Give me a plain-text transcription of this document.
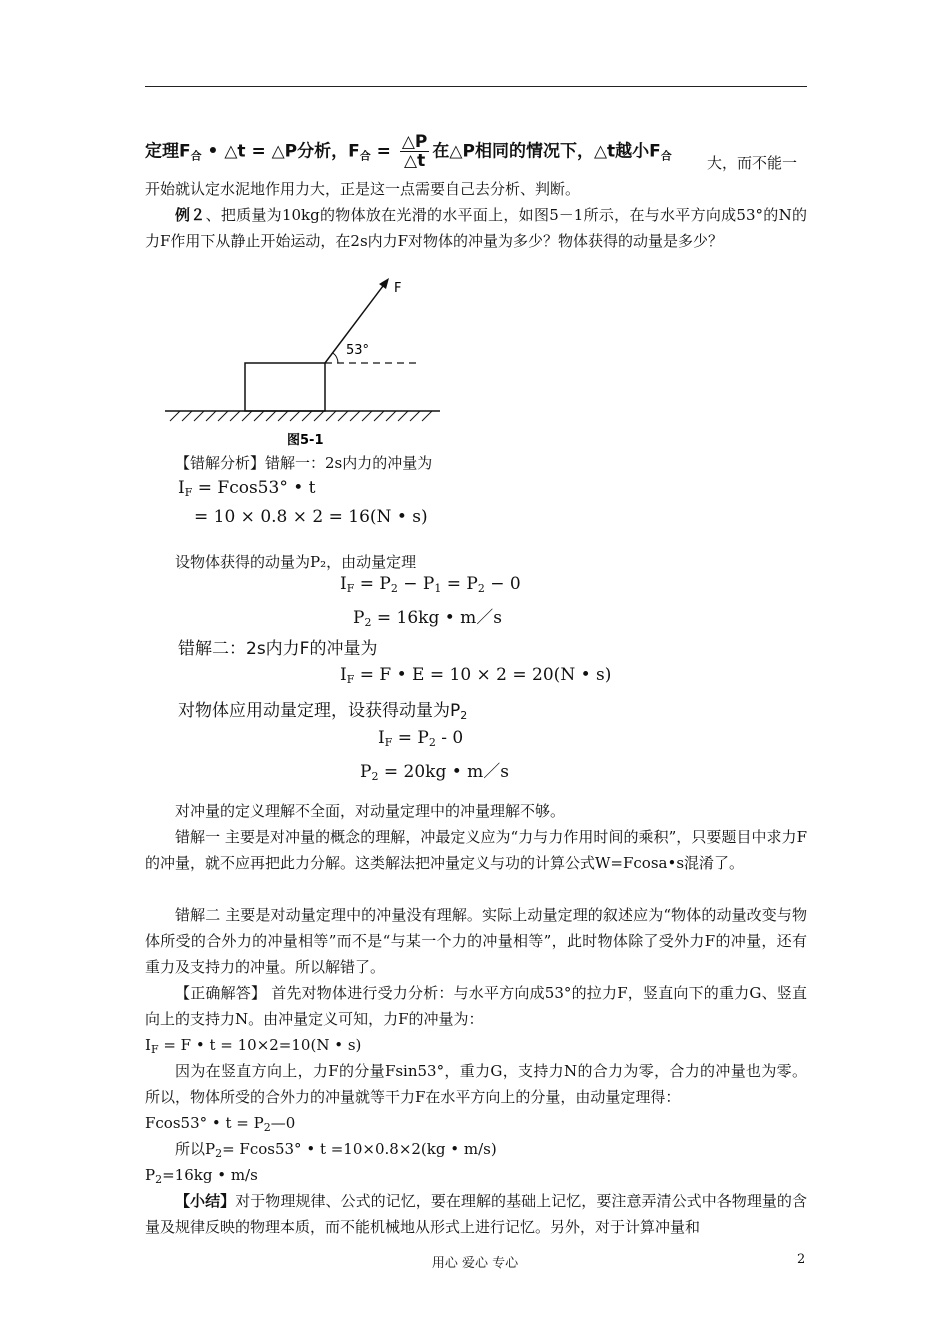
定理$F_合$ • △t = △P分析，$F_合 = \frac{\triangle P}{\triangle t}$ 在△P相同的情况下，△t越小$F_合$ 大，而不能一

开始就认定水泥地作用力大，正是这一点需要自己去分析、判断。

例２、把质量为10kg的物体放在光滑的水平面上，如图5－1所示，在与水平方向成53°的N的力F作用下从静止开始运动，在2s内力F对物体的冲量为多少？物体获得的动量是多少？

F
53°
图5-1

【错解分析】错解一：2s内力的冲量为

$I_F = Fcos53^\circ$ • t
= 10 × 0.8 × 2 = 16(N • s)

设物体获得的动量为P₂，由动量定理

$I_F = P_2 - P_1 = P_2 - 0$
$P_2 = 16kg$ • m／s
错解二：2s内力F的冲量为
$I_F = F$ • E = 10 × 2 = 20(N • s)
对物体应用动量定理，设获得动量为$P_2$
$I_F = P_2 - 0$
$P_2 = 20kg$ • m／s

对冲量的定义理解不全面，对动量定理中的冲量理解不够。

错解一 主要是对冲量的概念的理解，冲最定义应为“力与力作用时间的乘积”，只要题目中求力F的冲量，就不应再把此力分解。这类解法把冲量定义与功的计算公式W=Fcosa•s混淆了。

错解二 主要是对动量定理中的冲量没有理解。实际上动量定理的叙述应为“物体的动量改变与物体所受的合外力的冲量相等”而不是“与某一个力的冲量相等”，此时物体除了受外力F的冲量，还有重力及支持力的冲量。所以解错了。

【正确解答】 首先对物体进行受力分析：与水平方向成53°的拉力F，竖直向下的重力G、竖直向上的支持力N。由冲量定义可知，力F的冲量为：

$I_F = F$ • t = 10×2=10(N • s)

因为在竖直方向上，力F的分量Fsin53°，重力G，支持力N的合力为零，合力的冲量也为零。所以，物体所受的合外力的冲量就等干力F在水平方向上的分量，由动量定理得：

Fcos53° • $t = P_2—0$

所以$P_2= Fcos53^\circ$ • t =10×0.8×2(kg • m/s)

$P_2=16kg$ • m/s

【小结】对于物理规律、公式的记忆，要在理解的基础上记忆，要注意弄清公式中各物理量的含量及规律反映的物理本质，而不能机械地从形式上进行记忆。另外，对于计算冲量和

用心 爱心 专心	2
